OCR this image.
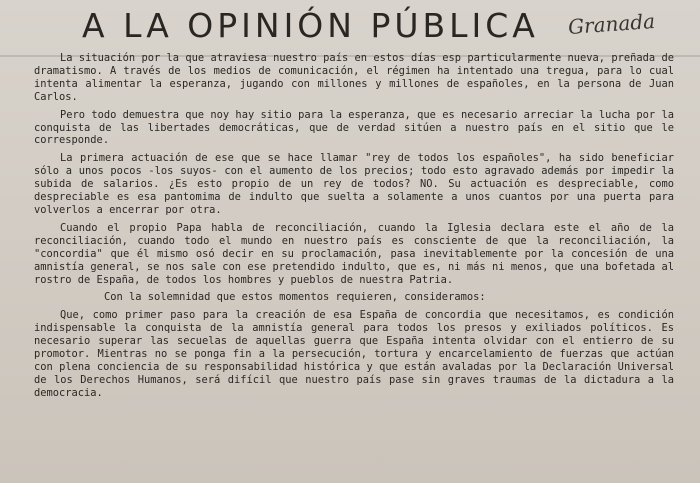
A LA OPINIÓN PÚBLICA Granada

La situación por la que atraviesa nuestro país en estos días esp particularmente nueva, preñada de dramatismo. A través de los medios de comunicación, el régimen ha intentado una tregua, para lo cual intenta alimentar la esperanza, jugando con millones y millones de españoles, en la persona de Juan Carlos.

Pero todo demuestra que noy hay sitio para la esperanza, que es necesario arreciar la lucha por la conquista de las libertades democráticas, que de verdad sitúen a nuestro país en el sitio que le corresponde.

La primera actuación de ese que se hace llamar "rey de todos los españoles", ha sido beneficiar sólo a unos pocos -los suyos- con el aumento de los precios; todo esto agravado además por impedir la subida de salarios. ¿Es esto propio de un rey de todos? NO. Su actuación es despreciable, como despreciable es esa pantomima de indulto que suelta a solamente a unos cuantos por una puerta para volverlos a encerrar por otra.

Cuando el propio Papa habla de reconciliación, cuando la Iglesia declara este el año de la reconciliación, cuando todo el mundo en nuestro país es consciente de que la reconciliación, la "concordia" que él mismo osó decir en su proclamación, pasa inevitablemente por la concesión de una amnistía general, se nos sale con ese pretendido indulto, que es, ni más ni menos, que una bofetada al rostro de España, de todos los hombres y pueblos de nuestra Patria.

Con la solemnidad que estos momentos requieren, consideramos:

Que, como primer paso para la creación de esa España de concordia que necesitamos, es condición indispensable la conquista de la amnistía general para todos los presos y exiliados políticos. Es necesario superar las secuelas de aquellas guerra que España intenta olvidar con el entierro de su promotor. Mientras no se ponga fin a la persecución, tortura y encarcelamiento de fuerzas que actúan con plena conciencia de su responsabilidad histórica y que están avaladas por la Declaración Universal de los Derechos Humanos, será difícil que nuestro país pase sin graves traumas de la dictadura a la democracia.
